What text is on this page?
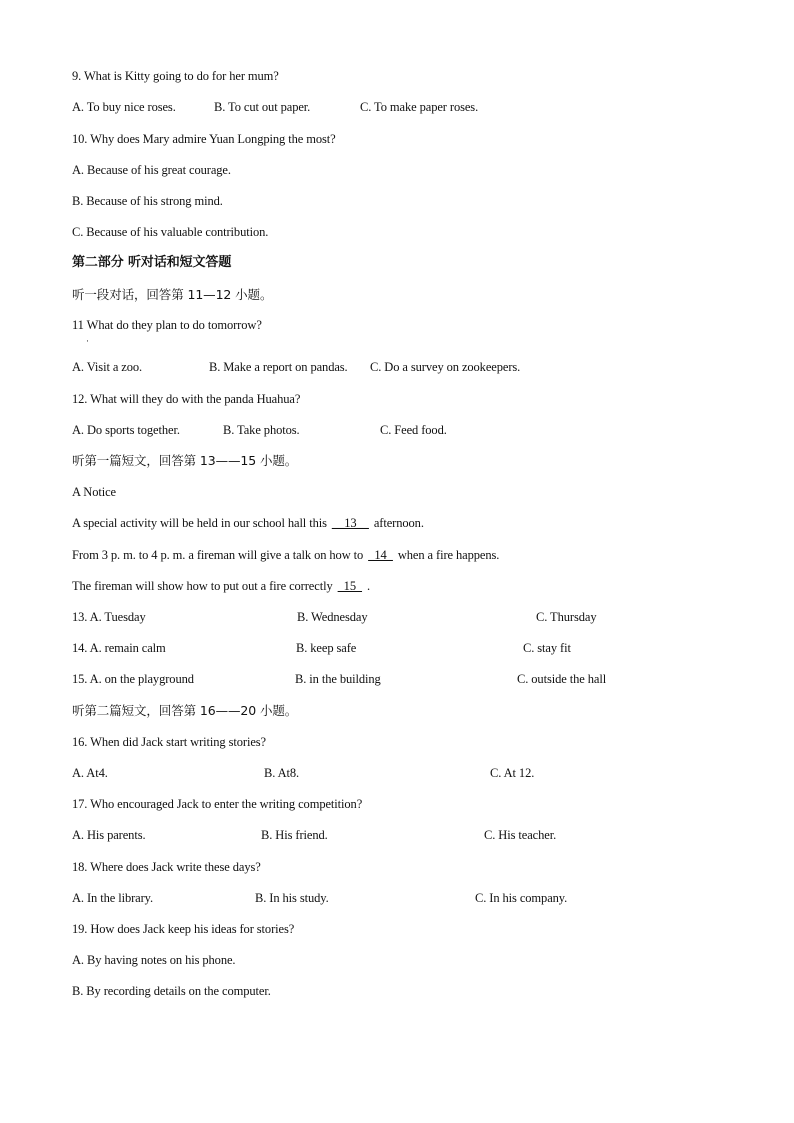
9. What is Kitty going to do for her mum?
A. To buy nice roses.	B. To cut out paper.	C. To make paper roses.
10. Why does Mary admire Yuan Longping the most?
A. Because of his great courage.
B. Because of his strong mind.
C. Because of his valuable contribution.
第二部分 听对话和短文答题
听一段对话，回答第 11—12 小题。
11 What do they plan to do tomorrow?
·
A. Visit a zoo.	B. Make a report on pandas. C. Do a survey on zookeepers.
12. What will they do with the panda Huahua?
A. Do sports together.	B. Take photos.	C. Feed food.
听第一篇短文，回答第 13——15 小题。
A Notice
A special activity will be held in our school hall this __13__ afternoon.
From 3 p. m. to 4 p. m. a fireman will give a talk on how to _14_ when a fire happens.
The fireman will show how to put out a fire correctly   15   .
13. A. Tuesday	B. Wednesday	C. Thursday
14. A. remain calm	B. keep safe	C. stay fit
15. A. on the playground	B. in the building	C. outside the hall
听第二篇短文，回答第 16——20 小题。
16. When did Jack start writing stories?
A. At4.	B. At8.	C. At 12.
17. Who encouraged Jack to enter the writing competition?
A. His parents.	B. His friend.	C. His teacher.
18. Where does Jack write these days?
A. In the library.	B. In his study.	C. In his company.
19. How does Jack keep his ideas for stories?
A. By having notes on his phone.
B. By recording details on the computer.
